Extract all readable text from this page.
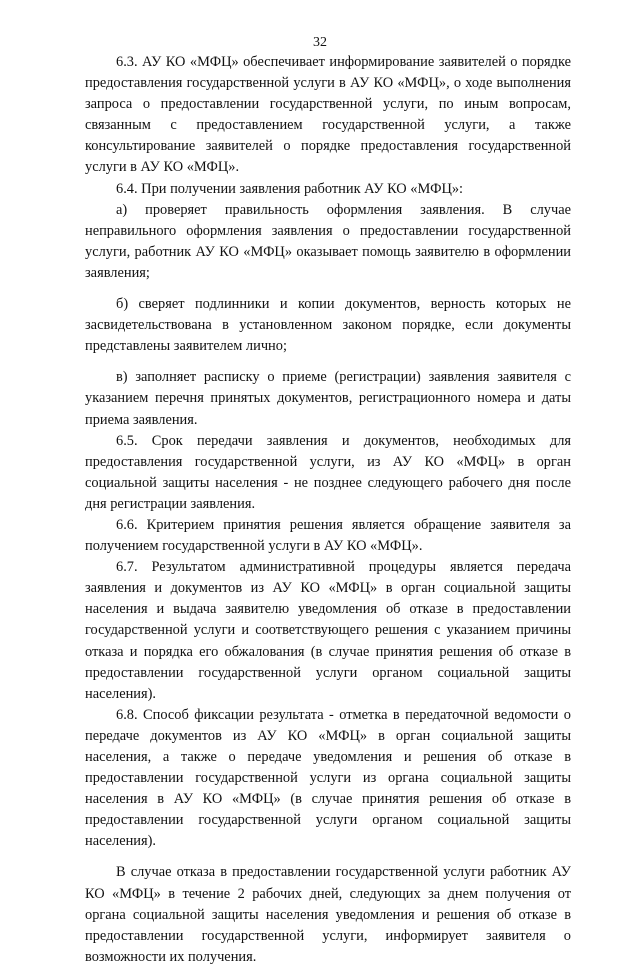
32

6.3. АУ КО «МФЦ» обеспечивает информирование заявителей о порядке предоставления государственной услуги в АУ КО «МФЦ», о ходе выполнения запроса о предоставлении государственной услуги, по иным вопросам, связанным с предоставлением государственной услуги, а также консультирование заявителей о порядке предоставления государственной услуги в АУ КО «МФЦ».

6.4. При получении заявления работник АУ КО «МФЦ»:

а) проверяет правильность оформления заявления. В случае неправильного оформления заявления о предоставлении государственной услуги, работник АУ КО «МФЦ» оказывает помощь заявителю в оформлении заявления;

б) сверяет подлинники и копии документов, верность которых не засвидетельствована в установленном законом порядке, если документы представлены заявителем лично;

в) заполняет расписку о приеме (регистрации) заявления заявителя с указанием перечня принятых документов, регистрационного номера и даты приема заявления.

6.5. Срок передачи заявления и документов, необходимых для предоставления государственной услуги, из АУ КО «МФЦ» в орган социальной защиты населения - не позднее следующего рабочего дня после дня регистрации заявления.

6.6. Критерием принятия решения является обращение заявителя за получением государственной услуги в АУ КО «МФЦ».

6.7. Результатом административной процедуры является передача заявления и документов из АУ КО «МФЦ» в орган социальной защиты населения и выдача заявителю уведомления об отказе в предоставлении государственной услуги и соответствующего решения с указанием причины отказа и порядка его обжалования (в случае принятия решения об отказе в предоставлении государственной услуги органом социальной защиты населения).

6.8. Способ фиксации результата - отметка в передаточной ведомости о передаче документов из АУ КО «МФЦ» в орган социальной защиты населения, а также о передаче уведомления и решения об отказе в предоставлении государственной услуги из органа социальной защиты населения в АУ КО «МФЦ» (в случае принятия решения об отказе в предоставлении государственной услуги органом социальной защиты населения).

В случае отказа в предоставлении государственной услуги работник АУ КО «МФЦ» в течение 2 рабочих дней, следующих за днем получения от органа социальной защиты населения уведомления и решения об отказе в предоставлении государственной услуги, информирует заявителя о возможности их получения.
